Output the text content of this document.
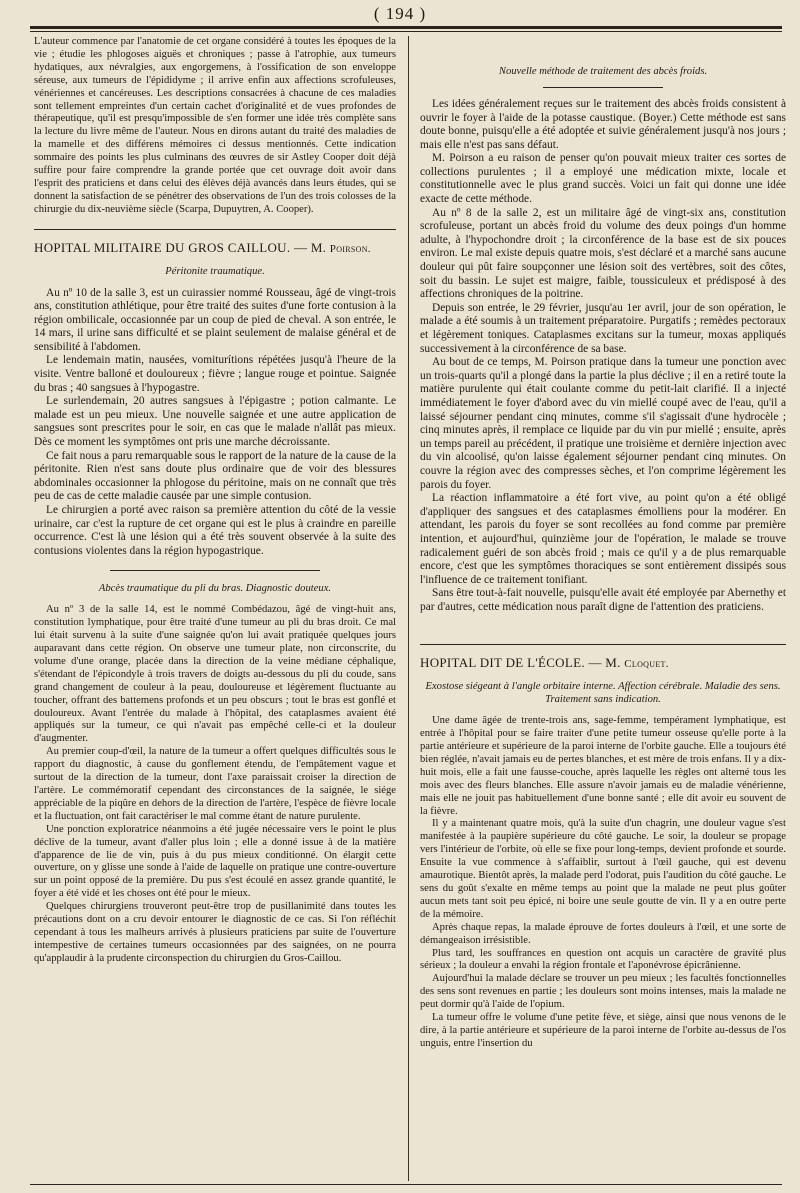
( 194 )

L'auteur commence par l'anatomie de cet organe considéré à toutes les époques de la vie ; étudie les phlogoses aiguës et chroniques ; passe à l'atrophie, aux tumeurs hydatiques, aux névralgies, aux engorgemens, à l'ossification de son enveloppe séreuse, aux tumeurs de l'épididyme ; il arrive enfin aux affections scrofuleuses, vénériennes et cancéreuses. Les descriptions consacrées à chacune de ces maladies sont tellement empreintes d'un certain cachet d'originalité et de vues profondes de thérapeutique, qu'il est presqu'impossible de s'en former une idée très complète sans la lecture du livre même de l'auteur. Nous en dirons autant du traité des maladies de la mamelle et des différens mémoires ci dessus mentionnés. Cette indication sommaire des points les plus culminans des œuvres de sir Astley Cooper doit déjà suffire pour faire comprendre la grande portée que cet ouvrage doit avoir dans l'esprit des praticiens et dans celui des élèves déjà avancés dans leurs études, qui se donnent la satisfaction de se pénétrer des observations de l'un des trois colosses de la chirurgie du dix-neuvième siècle (Scarpa, Dupuytren, A. Cooper).

HOPITAL MILITAIRE DU GROS CAILLOU. — M. Poirson.
Péritonite traumatique.

Au nº 10 de la salle 3, est un cuirassier nommé Rousseau, âgé de vingt-trois ans, constitution athlétique, pour être traité des suites d'une forte contusion à la région ombilicale, occasionnée par un coup de pied de cheval. A son entrée, le 14 mars, il urine sans difficulté et se plaint seulement de malaise général et de sensibilité à l'abdomen.

Le lendemain matin, nausées, vomiturítions répétées jusqu'à l'heure de la visite. Ventre balloné et douloureux ; fièvre ; langue rouge et pointue. Saignée du bras ; 40 sangsues à l'hypogastre.

Le surlendemain, 20 autres sangsues à l'épigastre ; potion calmante. Le malade est un peu mieux. Une nouvelle saignée et une autre application de sangsues sont prescrites pour le soir, en cas que le malade n'allât pas mieux. Dès ce moment les symptômes ont pris une marche décroissante.

Ce fait nous a paru remarquable sous le rapport de la nature de la cause de la péritonite. Rien n'est sans doute plus ordinaire que de voir des blessures abdominales occasionner la phlogose du péritoine, mais on ne connaît que très peu de cas de cette maladie causée par une simple contusion.

Le chirurgien a porté avec raison sa première attention du côté de la vessie urinaire, car c'est la rupture de cet organe qui est le plus à craindre en pareille occurrence. C'est là une lésion qui a été très souvent observée à la suite des contusions violentes dans la région hypogastrique.

Abcès traumatique du pli du bras. Diagnostic douteux.

Au nº 3 de la salle 14, est le nommé Combédazou, âgé de vingt-huit ans, constitution lymphatique, pour être traité d'une tumeur au pli du bras droit. Ce mal lui était survenu à la suite d'une saignée qu'on lui avait pratiquée quelques jours auparavant dans cette région. On observe une tumeur plate, non circonscrite, du volume d'une orange, placée dans la direction de la veine médiane céphalique, s'étendant de l'épicondyle à trois travers de doigts au-dessous du pli du coude, sans grand changement de couleur à la peau, douloureuse et légèrement fluctuante au toucher, offrant des battemens profonds et un peu obscurs ; tout le bras est gonflé et douloureux. Avant l'entrée du malade à l'hôpital, des cataplasmes avaient été appliqués sur la tumeur, ce qui n'avait pas empêché celle-ci et la douleur d'augmenter.

Au premier coup-d'œil, la nature de la tumeur a offert quelques difficultés sous le rapport du diagnostic, à cause du gonflement étendu, de l'empâtement vague et surtout de la direction de la tumeur, dont l'axe paraissait croiser la direction de l'artère. Le commémoratif cependant des circonstances de la saignée, le siége appréciable de la piqûre en dehors de la direction de l'artère, l'espèce de fièvre locale et la fluctuation, ont fait caractériser le mal comme étant de nature purulente.

Une ponction exploratrice néanmoins a été jugée nécessaire vers le point le plus déclive de la tumeur, avant d'aller plus loin ; elle a donné issue à de la matière d'apparence de lie de vin, puis à du pus mieux conditionné. On élargit cette ouverture, on y glisse une sonde à l'aide de laquelle on pratique une contre-ouverture sur un point opposé de la première. Du pus s'est écoulé en assez grande quantité, le foyer a été vidé et les choses ont été pour le mieux.

Quelques chirurgiens trouveront peut-être trop de pusillanimité dans toutes les précautions dont on a cru devoir entourer le diagnostic de ce cas. Si l'on réfléchit cependant à tous les malheurs arrivés à plusieurs praticiens par suite de l'ouverture intempestive de certaines tumeurs occasionnées par des saignées, on ne pourra qu'applaudir à la prudente circonspection du chirurgien du Gros-Caillou.

Nouvelle méthode de traitement des abcès froids.

Les idées généralement reçues sur le traitement des abcès froids consistent à ouvrir le foyer à l'aide de la potasse caustique. (Boyer.) Cette méthode est sans doute bonne, puisqu'elle a été adoptée et suivie généralement jusqu'à nos jours ; mais elle n'est pas sans défaut.

M. Poirson a eu raison de penser qu'on pouvait mieux traiter ces sortes de collections purulentes ; il a employé une médication mixte, locale et constitutionnelle avec le plus grand succès. Voici un fait qui donne une idée exacte de cette méthode.

Au nº 8 de la salle 2, est un militaire âgé de vingt-six ans, constitution scrofuleuse, portant un abcès froid du volume des deux poings d'un homme adulte, à l'hypochondre droit ; la circonférence de la base est de six pouces environ. Le mal existe depuis quatre mois, s'est déclaré et a marché sans aucune douleur qui pût faire soupçonner une lésion soit des vertèbres, soit des côtes, soit du bassin. Le sujet est maigre, faible, toussiculeux et prédisposé à des affections chroniques de la poitrine.

Depuis son entrée, le 29 février, jusqu'au 1er avril, jour de son opération, le malade a été soumis à un traitement préparatoire. Purgatifs ; remèdes pectoraux et légèrement toniques. Cataplasmes excitans sur la tumeur, moxas appliqués successivement à la circonférence de sa base.

Au bout de ce temps, M. Poirson pratique dans la tumeur une ponction avec un trois-quarts qu'il a plongé dans la partie la plus déclive ; il en a retiré toute la matière purulente qui était coulante comme du petit-lait clarifié. Il a injecté immédiatement le foyer d'abord avec du vin miellé coupé avec de l'eau, qu'il a laissé séjourner pendant cinq minutes, comme s'il s'agissait d'une hydrocèle ; cinq minutes après, il remplace ce liquide par du vin pur miellé ; ensuite, après un temps pareil au précédent, il pratique une troisième et dernière injection avec du vin alcoolisé, qu'on laisse également séjourner pendant cinq minutes. On couvre la région avec des compresses sèches, et l'on comprime légèrement les parois du foyer.

La réaction inflammatoire a été fort vive, au point qu'on a été obligé d'appliquer des sangsues et des cataplasmes émolliens pour la modérer. En attendant, les parois du foyer se sont recollées au fond comme par première intention, et aujourd'hui, quinzième jour de l'opération, le malade se trouve radicalement guéri de son abcès froid ; mais ce qu'il y a de plus remarquable encore, c'est que les symptômes thoraciques se sont entièrement dissipés sous l'influence de ce traitement tonifiant.

Sans être tout-à-fait nouvelle, puisqu'elle avait été employée par Abernethy et par d'autres, cette médication nous paraît digne de l'attention des praticiens.

HOPITAL DIT DE L'ÉCOLE. — M. Cloquet.
Exostose siégeant à l'angle orbitaire interne. Affection cérébrale. Maladie des sens. Traitement sans indication.

Une dame âgée de trente-trois ans, sage-femme, tempérament lymphatique, est entrée à l'hôpital pour se faire traiter d'une petite tumeur osseuse qu'elle porte à la partie antérieure et supérieure de la paroi interne de l'orbite gauche. Elle a toujours été bien réglée, n'avait jamais eu de pertes blanches, et est mère de trois enfans. Il y a dix-huit mois, elle a fait une fausse-couche, après laquelle les règles ont alterné tous les mois avec des fleurs blanches. Elle assure n'avoir jamais eu de maladie vénérienne, mais elle ne jouit pas habituellement d'une bonne santé ; elle dit avoir eu souvent de la fièvre.

Il y a maintenant quatre mois, qu'à la suite d'un chagrin, une douleur vague s'est manifestée à la paupière supérieure du côté gauche. Le soir, la douleur se propage vers l'intérieur de l'orbite, où elle se fixe pour long-temps, devient profonde et sourde. Ensuite la vue commence à s'affaiblir, surtout à l'œil gauche, qui est devenu amaurotique. Bientôt après, la malade perd l'odorat, puis l'audition du côté gauche. Le sens du goût s'exalte en même temps au point que la malade ne peut plus goûter aucun mets tant soit peu épicé, ni boire une seule goutte de vin. Il y a en outre perte de la mémoire.

Après chaque repas, la malade éprouve de fortes douleurs à l'œil, et une sorte de démangeaison irrésistible.

Plus tard, les souffrances en question ont acquis un caractère de gravité plus sérieux ; la douleur a envahi la région frontale et l'aponévrose épicrânienne.

Aujourd'hui la malade déclare se trouver un peu mieux ; les facultés fonctionnelles des sens sont revenues en partie ; les douleurs sont moins intenses, mais la malade ne peut dormir qu'à l'aide de l'opium.

La tumeur offre le volume d'une petite fève, et siège, ainsi que nous venons de le dire, à la partie antérieure et supérieure de la paroi interne de l'orbite au-dessus de l'os unguis, entre l'insertion du
